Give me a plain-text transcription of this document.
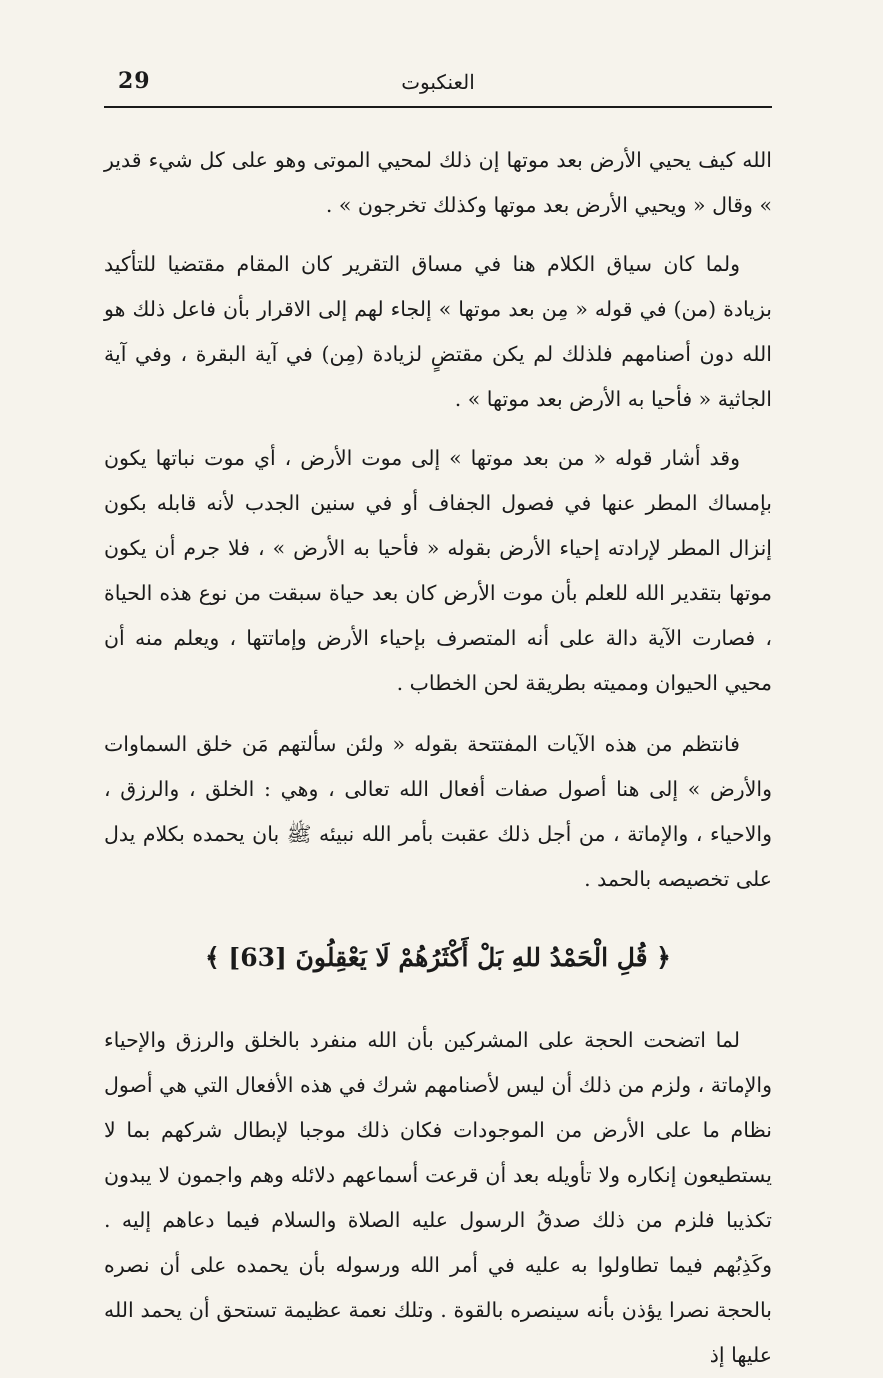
29	العنكبوت

الله كيف يحيي الأرض بعد موتها إن ذلك لمحيي الموتى وهو على كل شيء قدير » وقال « ويحيي الأرض بعد موتها وكذلك تخرجون » .

ولما كان سياق الكلام هنا في مساق التقرير كان المقام مقتضيا للتأكيد بزيادة (من) في قوله « مِن بعد موتها » إلجاء لهم إلى الاقرار بأن فاعل ذلك هو الله دون أصنامهم فلذلك لم يكن مقتضٍ لزيادة (مِن) في آية البقرة ، وفي آية الجاثية « فأحيا به الأرض بعد موتها » .

وقد أشار قوله « من بعد موتها » إلى موت الأرض ، أي موت نباتها يكون بإمساك المطر عنها في فصول الجفاف أو في سنين الجدب لأنه قابله بكون إنزال المطر لإرادته إحياء الأرض بقوله « فأحيا به الأرض » ، فلا جرم أن يكون موتها بتقدير الله للعلم بأن موت الأرض كان بعد حياة سبقت من نوع هذه الحياة ، فصارت الآية دالة على أنه المتصرف بإحياء الأرض وإماتتها ، ويعلم منه أن محيي الحيوان ومميته بطريقة لحن الخطاب .

فانتظم من هذه الآيات المفتتحة بقوله « ولئن سألتهم مَن خلق السماوات والأرض » إلى هنا أصول صفات أفعال الله تعالى ، وهي : الخلق ، والرزق ، والاحياء ، والإماتة ، من أجل ذلك عقبت بأمر الله نبيئه ﷺ بان يحمده بكلام يدل على تخصيصه بالحمد .

﴿ قُلِ الْحَمْدُ للهِ بَلْ أَكْثَرُهُمْ لَا يَعْقِلُونَ [63] ﴾

لما اتضحت الحجة على المشركين بأن الله منفرد بالخلق والرزق والإحياء والإماتة ، ولزم من ذلك أن ليس لأصنامهم شرك في هذه الأفعال التي هي أصول نظام ما على الأرض من الموجودات فكان ذلك موجبا لإبطال شركهم بما لا يستطيعون إنكاره ولا تأويله بعد أن قرعت أسماعهم دلائله وهم واجمون لا يبدون تكذيبا فلزم من ذلك صدقُ الرسول عليه الصلاة والسلام فيما دعاهم إليه . وكَذِبُهم فيما تطاولوا به عليه في أمر الله ورسوله بأن يحمده على أن نصره بالحجة نصرا يؤذن بأنه سينصره بالقوة . وتلك نعمة عظيمة تستحق أن يحمد الله عليها إذ
